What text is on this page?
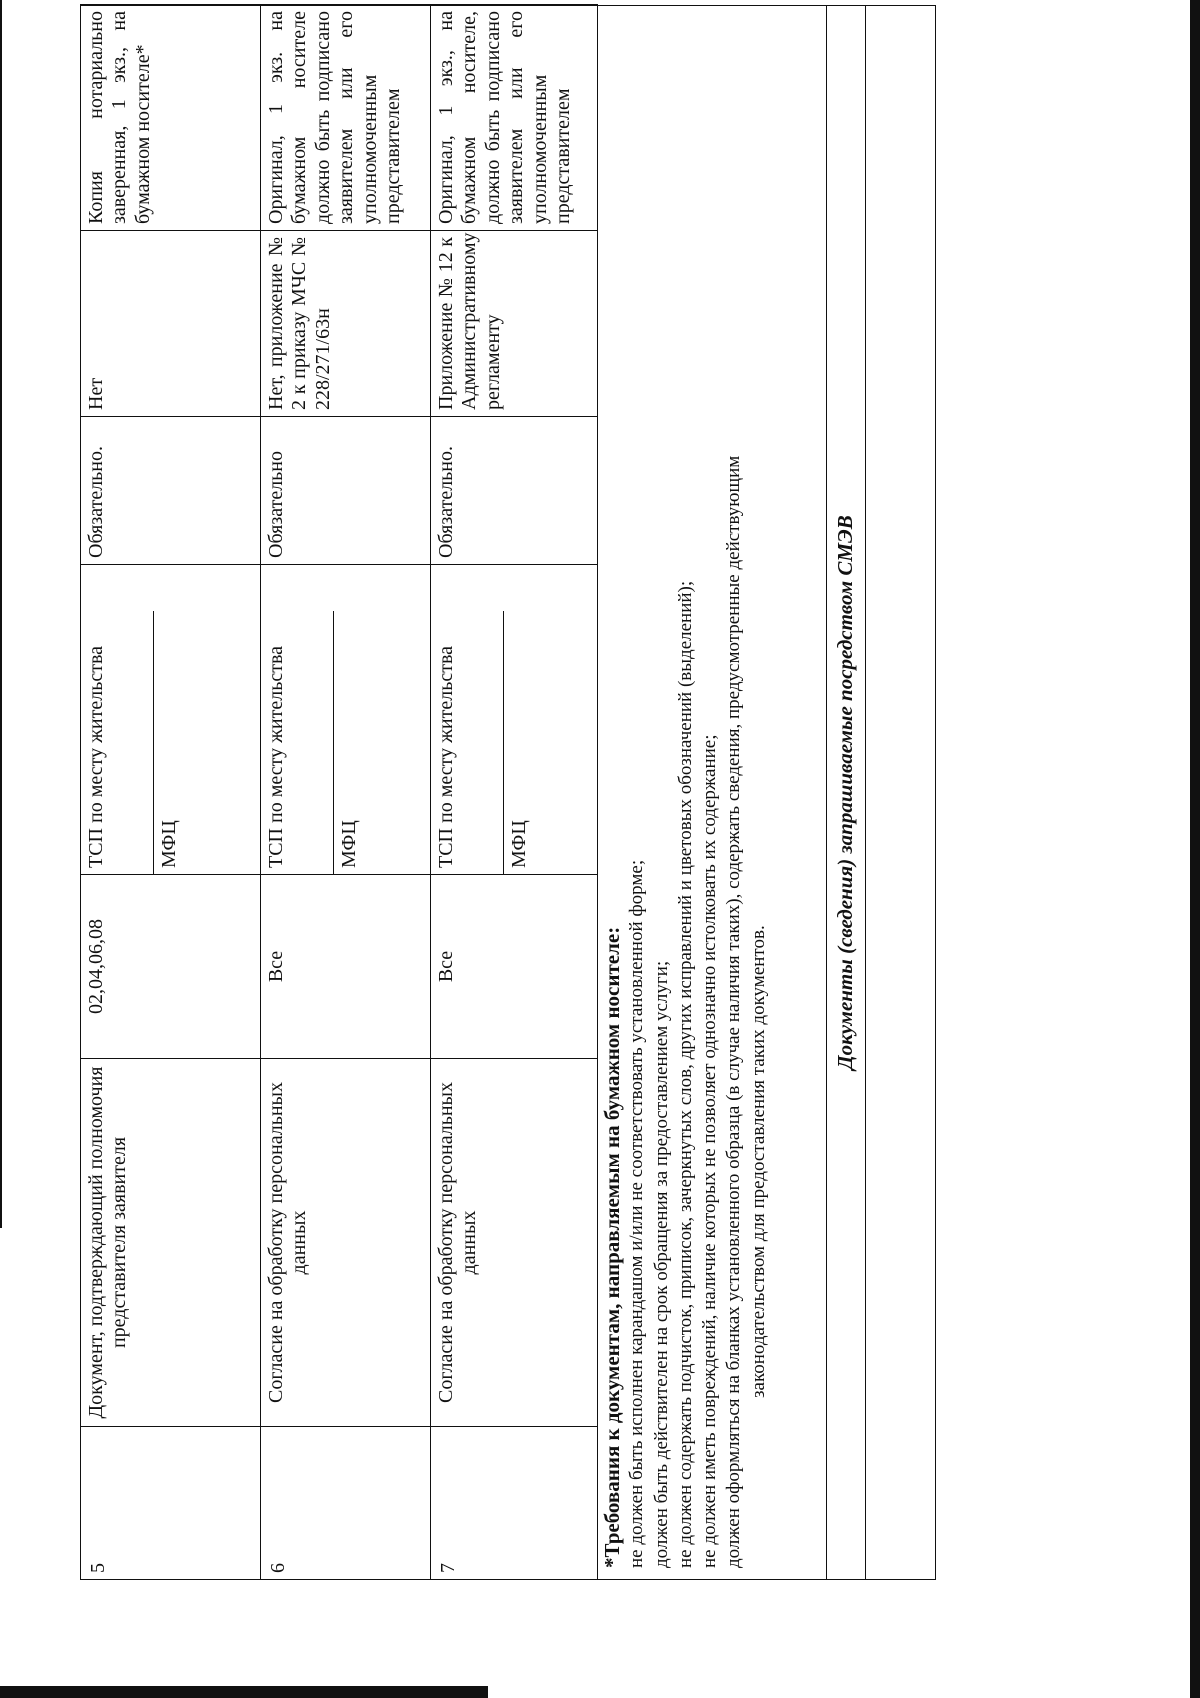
5	Документ, подтверждающий полномочия представителя заявителя	02,04,06,08	ТСП по месту жительства МФЦ	Обязательно.	Нет	Копия нотариально заверенная, 1 экз., на бумажном носителе*
6	Согласие на обработку персональных данных	Все	ТСП по месту жительства МФЦ	Обязательно	Нет, приложение № 2 к приказу МЧС № 228/271/63н	Оригинал, 1 экз. на бумажном носителе должно быть подписано заявителем или его уполномоченным представителем
7	Согласие на обработку персональных данных	Все	ТСП по месту жительства МФЦ	Обязательно.	Приложение № 12 к Административному регламенту	Оригинал, 1 экз., на бумажном носителе, должно быть подписано заявителем или его уполномоченным представителем
*Требования к документам, направляемым на бумажном носителе: не должен быть исполнен карандашом и/или не соответствовать установленной форме; должен быть действителен на срок обращения за предоставлением услуги; не должен содержать подчисток, приписок, зачеркнутых слов, других исправлений и цветовых обозначений (выделений); не должен иметь повреждений, наличие которых не позволяет однозначно истолковать их содержание; должен оформляться на бланках установленного образца (в случае наличия таких), содержать сведения, предусмотренные действующим законодательством для предоставления таких документов.
Документы (сведения) запрашиваемые посредством СМЭВ
